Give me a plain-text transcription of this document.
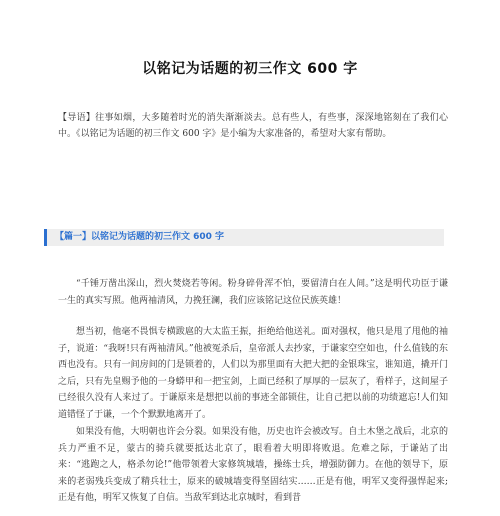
以铭记为话题的初三作文 600 字

【导语】往事如烟，大多随着时光的消失渐渐淡去。总有些人，有些事，深深地铭刻在了我们心中。《以铭记为话题的初三作文 600 字》是小编为大家准备的，希望对大家有帮助。

【篇一】以铭记为话题的初三作文 600 字

“千锤万凿出深山，烈火焚烧若等闲。粉身碎骨浑不怕，要留清白在人间。”这是明代功臣于谦一生的真实写照。他两袖清风，力挽狂澜，我们应该铭记这位民族英雄！

想当初，他毫不畏惧专横跋扈的大太监王振，拒绝给他送礼。面对强权，他只是甩了甩他的袖子，说道：“我呀!只有两袖清风。”他被冤杀后，皇帝派人去抄家，于谦家空空如也，什么值钱的东西也没有。只有一间房间的门是锁着的，人们以为那里面有大把大把的金银珠宝，谁知道，撬开门之后，只有先皇赐予他的一身蟒甲和一把宝剑，上面已经积了厚厚的一层灰了，看样子，这间屋子已经很久没有人来过了。于谦原来是想把以前的事迹全部锁住，让自己把以前的功绩遮忘!人们知道错怪了于谦，一个个默默地离开了。

如果没有他，大明朝也许会分裂。如果没有他，历史也许会被改写。自土木堡之战后，北京的兵力严重不足，蒙古的骑兵就要抵达北京了，眼看着大明即将败退。危难之际，于谦站了出来：“逃跑之人，格杀勿论!”他带领着大家修筑城墙，操练士兵，增强防御力。在他的领导下，原来的老弱残兵变成了精兵壮士，原来的破城墙变得坚固结实……正是有他，明军又变得强悍起来;正是有他，明军又恢复了自信。当敌军到达北京城时，看到昔
